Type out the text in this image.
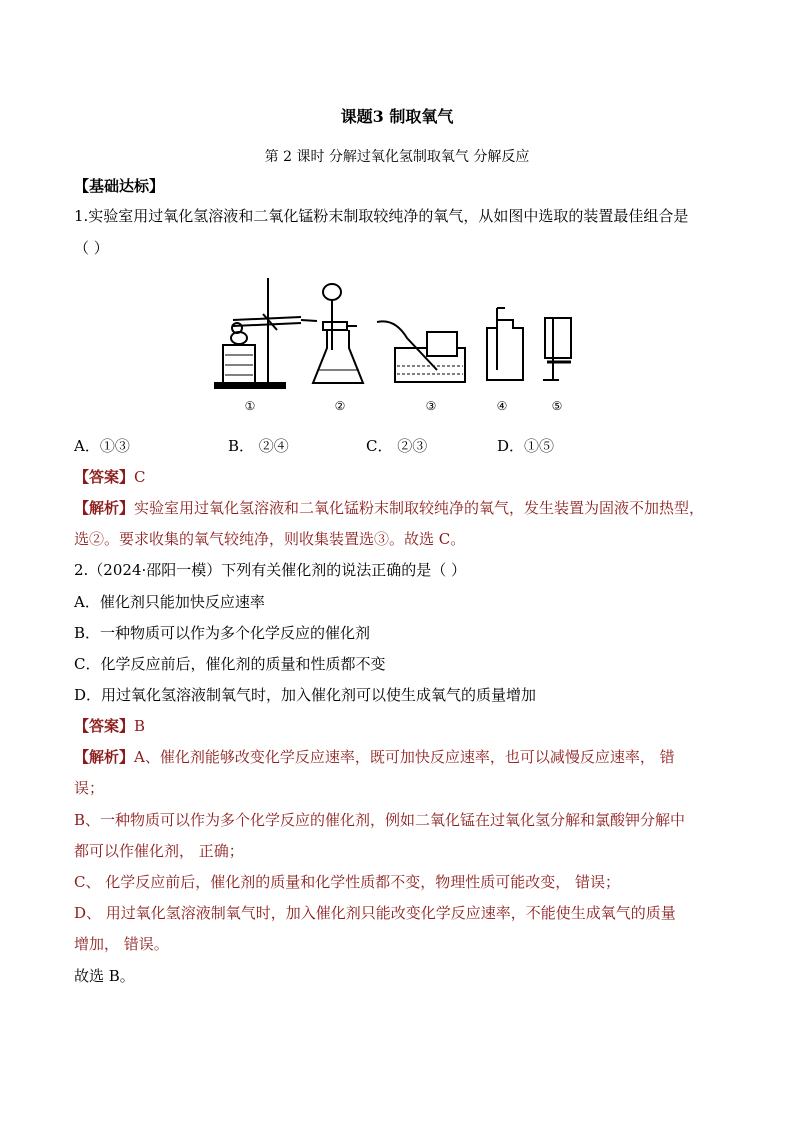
课题3 制取氧气
第 2 课时 分解过氧化氢制取氧气 分解反应
【基础达标】
1.实验室用过氧化氢溶液和二氧化锰粉末制取较纯净的氧气，从如图中选取的装置最佳组合是
（ ）
①	②	③	④	⑤
A．①③	B． ②④	C． ②③	D．①⑤
【答案】C
【解析】实验室用过氧化氢溶液和二氧化锰粉末制取较纯净的氧气，发生装置为固液不加热型，
选②。要求收集的氧气较纯净，则收集装置选③。故选 C。
2.（2024·邵阳一模）下列有关催化剂的说法正确的是（ ）
A．催化剂只能加快反应速率
B．一种物质可以作为多个化学反应的催化剂
C．化学反应前后，催化剂的质量和性质都不变
D．用过氧化氢溶液制氧气时，加入催化剂可以使生成氧气的质量增加
【答案】B
【解析】A、催化剂能够改变化学反应速率，既可加快反应速率，也可以减慢反应速率， 错
误；
B、一种物质可以作为多个化学反应的催化剂，例如二氧化锰在过氧化氢分解和氯酸钾分解中
都可以作催化剂， 正确；
C、 化学反应前后，催化剂的质量和化学性质都不变，物理性质可能改变， 错误；
D、 用过氧化氢溶液制氧气时，加入催化剂只能改变化学反应速率，不能使生成氧气的质量
增加， 错误。
故选 B。
